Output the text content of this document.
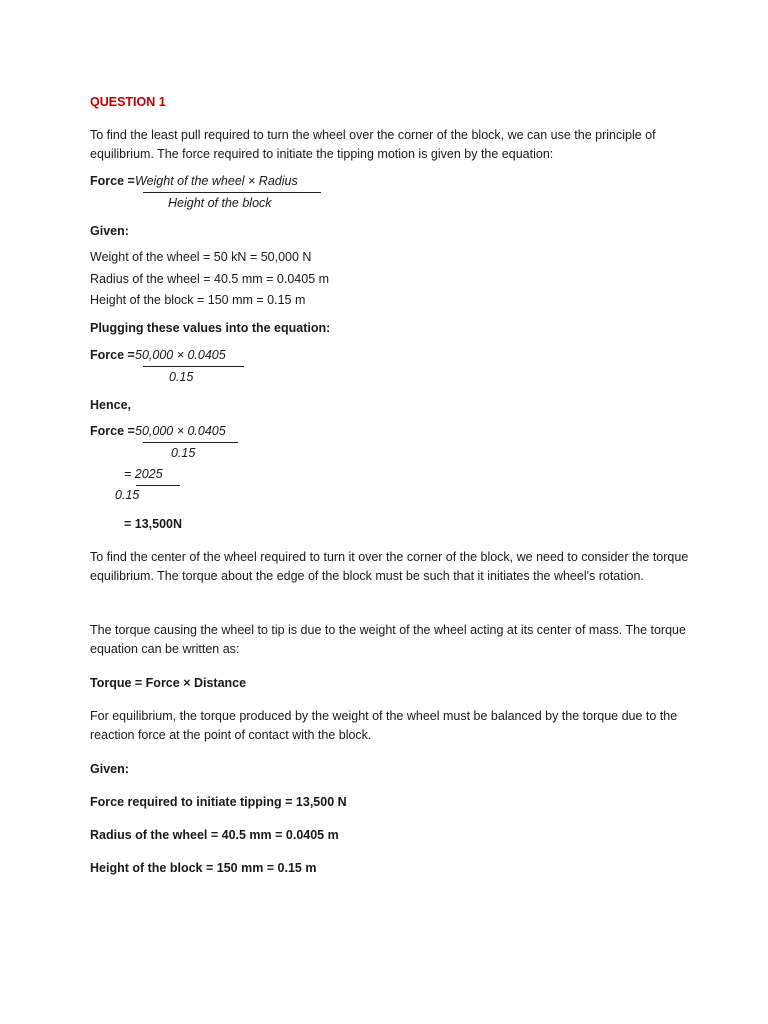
QUESTION 1
To find the least pull required to turn the wheel over the corner of the block, we can use the principle of equilibrium. The force required to initiate the tipping motion is given by the equation:
Force = Weight of the wheel × Radius
Height of the block
Given:
Weight of the wheel = 50 kN = 50,000 N
Radius of the wheel = 40.5 mm = 0.0405 m
Height of the block = 150 mm = 0.15 m
Plugging these values into the equation:
Force = 50,000 × 0.0405
0.15
Hence,
Force = 50,000 × 0.0405
0.15
= 2025
0.15
= 13,500N
To find the center of the wheel required to turn it over the corner of the block, we need to consider the torque equilibrium. The torque about the edge of the block must be such that it initiates the wheel's rotation.
The torque causing the wheel to tip is due to the weight of the wheel acting at its center of mass. The torque equation can be written as:
Torque = Force × Distance
For equilibrium, the torque produced by the weight of the wheel must be balanced by the torque due to the reaction force at the point of contact with the block.
Given:
Force required to initiate tipping = 13,500 N
Radius of the wheel = 40.5 mm = 0.0405 m
Height of the block = 150 mm = 0.15 m
